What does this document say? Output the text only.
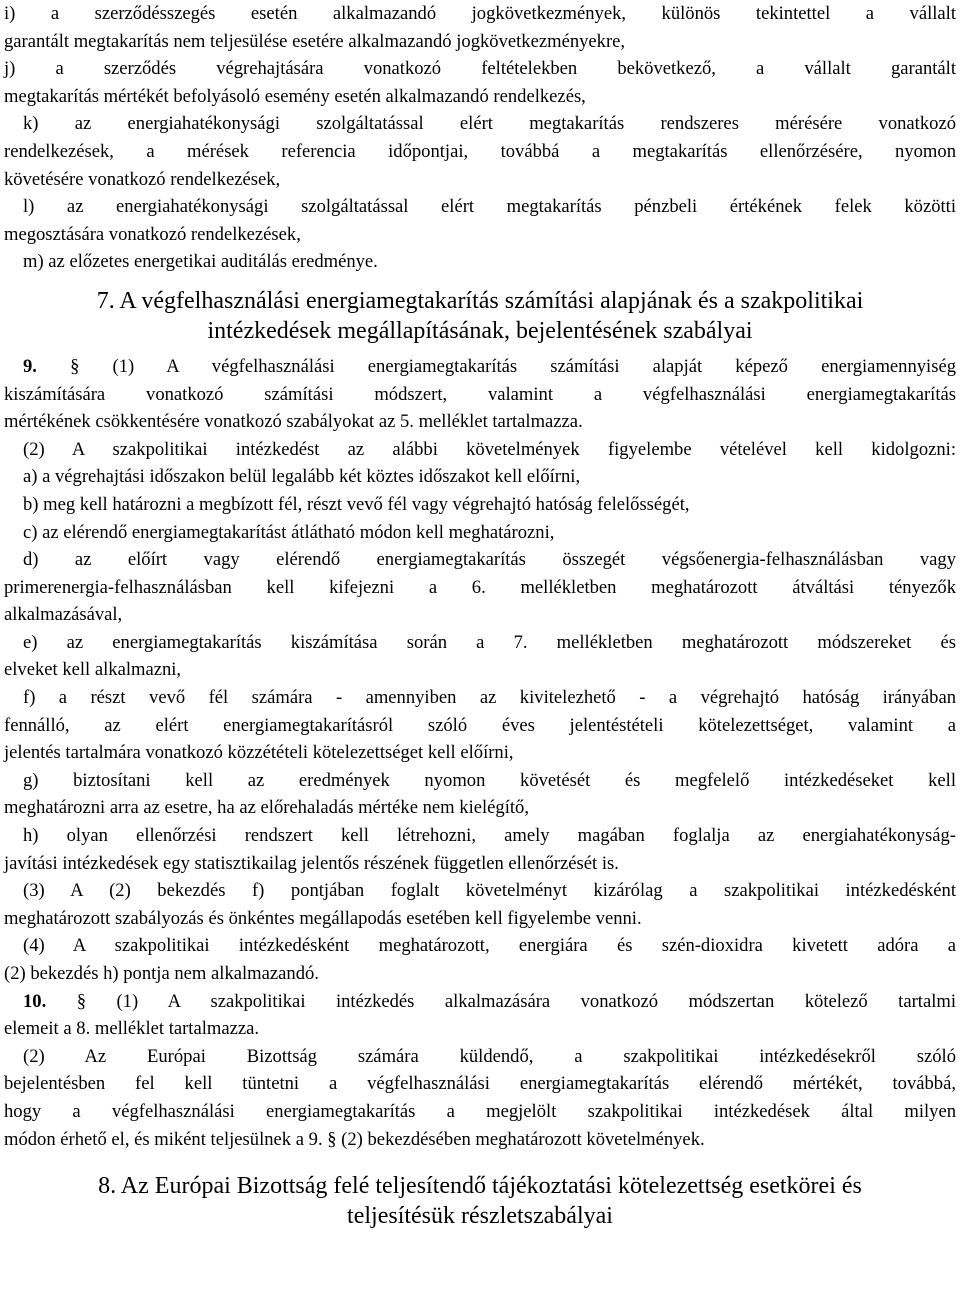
i) a szerződésszegés esetén alkalmazandó jogkövetkezmények, különös tekintettel a vállalt
garantált megtakarítás nem teljesülése esetére alkalmazandó jogkövetkezményekre,
j) a szerződés végrehajtására vonatkozó feltételekben bekövetkező, a vállalt garantált
megtakarítás mértékét befolyásoló esemény esetén alkalmazandó rendelkezés,
k) az energiahatékonysági szolgáltatással elért megtakarítás rendszeres mérésére vonatkozó
rendelkezések, a mérések referencia időpontjai, továbbá a megtakarítás ellenőrzésére, nyomon
követésére vonatkozó rendelkezések,
l) az energiahatékonysági szolgáltatással elért megtakarítás pénzbeli értékének felek közötti
megosztására vonatkozó rendelkezések,
m) az előzetes energetikai auditálás eredménye.
7. A végfelhasználási energiamegtakarítás számítási alapjának és a szakpolitikai
intézkedések megállapításának, bejelentésének szabályai
9. § (1) A végfelhasználási energiamegtakarítás számítási alapját képező energiamennyiség
kiszámítására vonatkozó számítási módszert, valamint a végfelhasználási energiamegtakarítás
mértékének csökkentésére vonatkozó szabályokat az 5. melléklet tartalmazza.
(2) A szakpolitikai intézkedést az alábbi követelmények figyelembe vételével kell kidolgozni:
a) a végrehajtási időszakon belül legalább két köztes időszakot kell előírni,
b) meg kell határozni a megbízott fél, részt vevő fél vagy végrehajtó hatóság felelősségét,
c) az elérendő energiamegtakarítást átlátható módon kell meghatározni,
d) az előírt vagy elérendő energiamegtakarítás összegét végsőenergia-felhasználásban vagy
primerenergia-felhasználásban kell kifejezni a 6. mellékletben meghatározott átváltási tényezők
alkalmazásával,
e) az energiamegtakarítás kiszámítása során a 7. mellékletben meghatározott módszereket és
elveket kell alkalmazni,
f) a részt vevő fél számára - amennyiben az kivitelezhető - a végrehajtó hatóság irányában
fennálló, az elért energiamegtakarításról szóló éves jelentéstételi kötelezettséget, valamint a
jelentés tartalmára vonatkozó közzétételi kötelezettséget kell előírni,
g) biztosítani kell az eredmények nyomon követését és megfelelő intézkedéseket kell
meghatározni arra az esetre, ha az előrehaladás mértéke nem kielégítő,
h) olyan ellenőrzési rendszert kell létrehozni, amely magában foglalja az energiahatékonyság-
javítási intézkedések egy statisztikailag jelentős részének független ellenőrzését is.
(3) A (2) bekezdés f) pontjában foglalt követelményt kizárólag a szakpolitikai intézkedésként
meghatározott szabályozás és önkéntes megállapodás esetében kell figyelembe venni.
(4) A szakpolitikai intézkedésként meghatározott, energiára és szén-dioxidra kivetett adóra a
(2) bekezdés h) pontja nem alkalmazandó.
10. § (1) A szakpolitikai intézkedés alkalmazására vonatkozó módszertan kötelező tartalmi
elemeit a 8. melléklet tartalmazza.
(2) Az Európai Bizottság számára küldendő, a szakpolitikai intézkedésekről szóló
bejelentésben fel kell tüntetni a végfelhasználási energiamegtakarítás elérendő mértékét, továbbá,
hogy a végfelhasználási energiamegtakarítás a megjelölt szakpolitikai intézkedések által milyen
módon érhető el, és miként teljesülnek a 9. § (2) bekezdésében meghatározott követelmények.
8. Az Európai Bizottság felé teljesítendő tájékoztatási kötelezettség esetkörei és
teljesítésük részletszabályai
